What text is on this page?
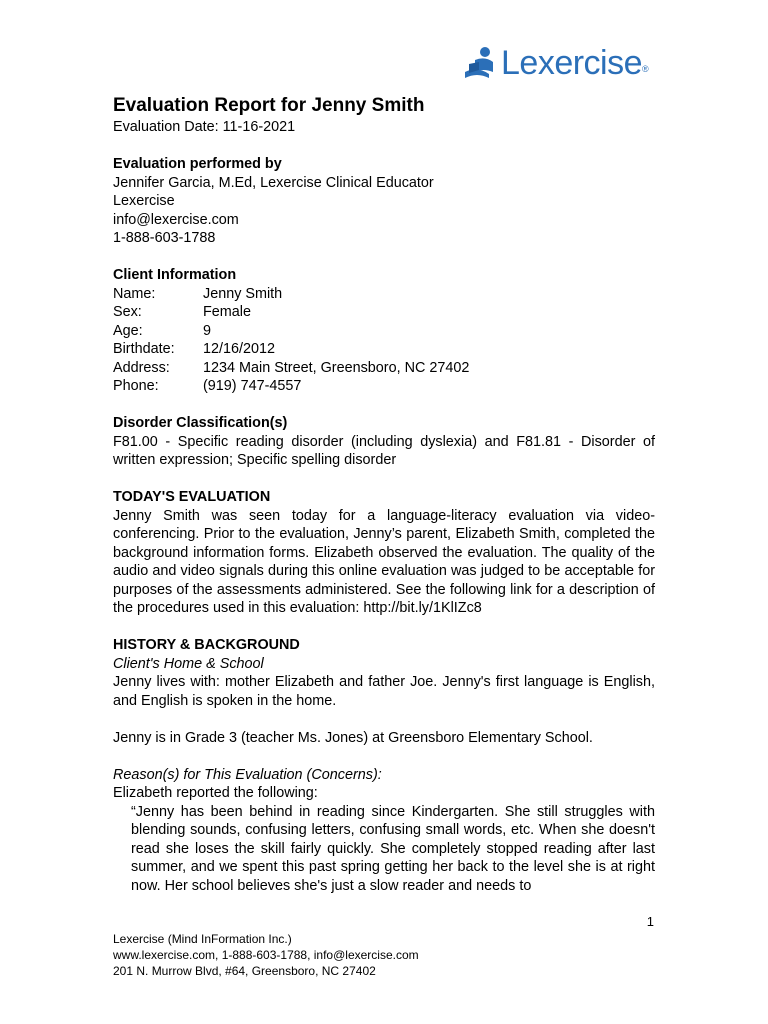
Lexercise ®

Evaluation Report for Jenny Smith

Evaluation Date: 11-16-2021

Evaluation performed by

Jennifer Garcia, M.Ed, Lexercise Clinical Educator

Lexercise

info@lexercise.com

1-888-603-1788

Client Information

Name:	Jenny Smith
Sex:	Female
Age:	9
Birthdate:	12/16/2012
Address:	1234 Main Street, Greensboro, NC 27402
Phone:	(919) 747-4557

Disorder Classification(s)

F81.00 - Specific reading disorder (including dyslexia) and F81.81 - Disorder of written expression; Specific spelling disorder

TODAY'S EVALUATION

Jenny Smith was seen today for a language-literacy evaluation via video-conferencing. Prior to the evaluation, Jenny’s parent, Elizabeth Smith, completed the background information forms. Elizabeth observed the evaluation. The quality of the audio and video signals during this online evaluation was judged to be acceptable for purposes of the assessments administered. See the following link for a description of the procedures used in this evaluation: http://bit.ly/1KlIZc8

HISTORY & BACKGROUND

Client's Home & School

Jenny lives with: mother Elizabeth and father Joe. Jenny's first language is English, and English is spoken in the home.

Jenny is in Grade 3 (teacher Ms. Jones) at Greensboro Elementary School.

Reason(s) for This Evaluation (Concerns):

Elizabeth reported the following:

“Jenny has been behind in reading since Kindergarten. She still struggles with blending sounds, confusing letters, confusing small words, etc. When she doesn't read she loses the skill fairly quickly. She completely stopped reading after last summer, and we spent this past spring getting her back to the level she is at right now. Her school believes she's just a slow reader and needs to

1
Lexercise (Mind InFormation Inc.)
www.lexercise.com, 1-888-603-1788, info@lexercise.com
201 N. Murrow Blvd, #64, Greensboro, NC 27402
